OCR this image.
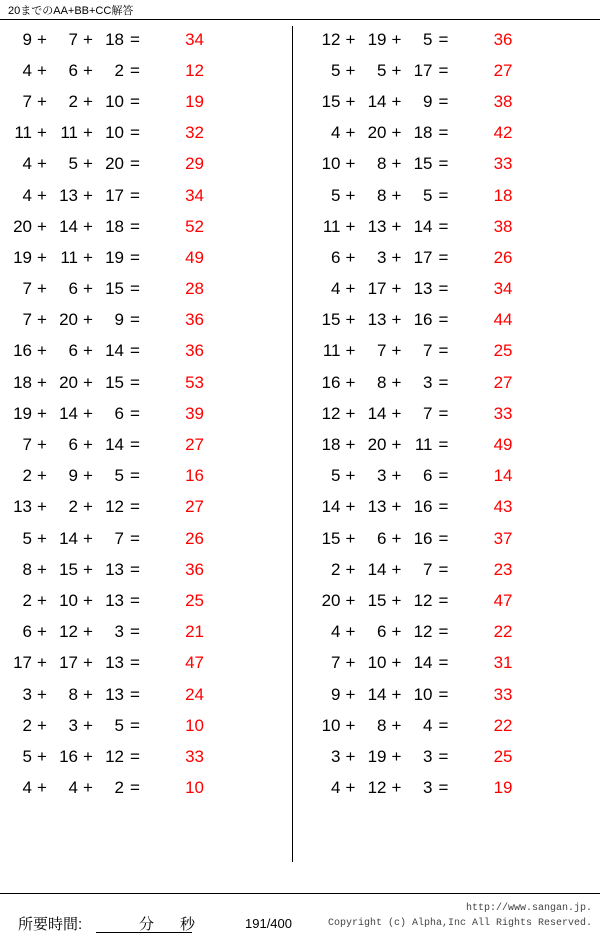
20までのAA+BB+CC解答
9 +	7 + 18 =	34
4 +	6 +	2 =	12
7 +	2 + 10 =	19
11 + 11 + 10 =	32
4 +	5 + 20 =	29
4 + 13 + 17 =	34
20 + 14 + 18 =	52
19 + 11 + 19 =	49
7 +	6 + 15 =	28
7 + 20 +	9 =	36
16 +	6 + 14 =	36
18 + 20 + 15 =	53
19 + 14 +	6 =	39
7 +	6 + 14 =	27
2 +	9 +	5 =	16
13 +	2 + 12 =	27
5 + 14 +	7 =	26
8 + 15 + 13 =	36
2 + 10 + 13 =	25
6 + 12 +	3 =	21
17 + 17 + 13 =	47
3 +	8 + 13 =	24
2 +	3 +	5 =	10
5 + 16 + 12 =	33
4 +	4 +	2 =	10
12 + 19 +	5 =	36
5 +	5 + 17 =	27
15 + 14 +	9 =	38
4 + 20 + 18 =	42
10 +	8 + 15 =	33
5 +	8 +	5 =	18
11 + 13 + 14 =	38
6 +	3 + 17 =	26
4 + 17 + 13 =	34
15 + 13 + 16 =	44
11 +	7 +	7 =	25
16 +	8 +	3 =	27
12 + 14 +	7 =	33
18 + 20 + 11 =	49
5 +	3 +	6 =	14
14 + 13 + 16 =	43
15 +	6 + 16 =	37
2 + 14 +	7 =	23
20 + 15 + 12 =	47
4 +	6 + 12 =	22
7 + 10 + 14 =	31
9 + 14 + 10 =	33
10 +	8 +	4 =	22
3 + 19 +	3 =	25
4 + 12 +	3 =	19
所要時間:	分 秒	191/400
http://www.sangan.jp.
Copyright (c) Alpha,Inc All Rights Reserved.
